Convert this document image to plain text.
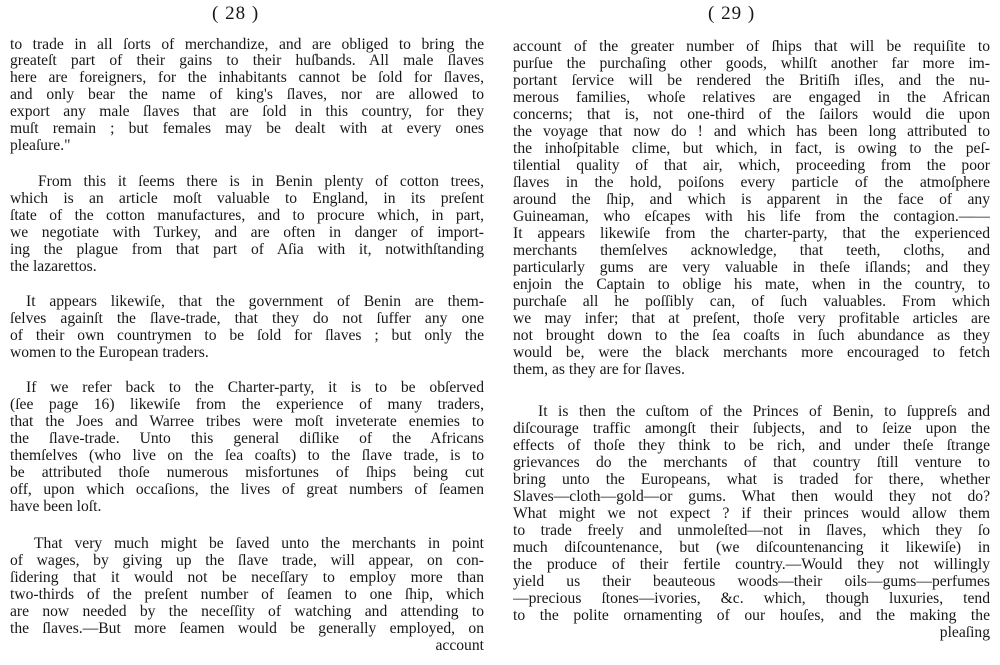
( 28 )

to trade in all ſorts of merchandize, and are obliged to bring the

greateſt part of their gains to their huſbands. All male ſlaves

here are foreigners, for the inhabitants cannot be ſold for ſlaves,

and only bear the name of king's ſlaves, nor are allowed to

export any male ſlaves that are ſold in this country, for they

muſt remain ; but females may be dealt with at every ones

pleaſure."

From this it ſeems there is in Benin plenty of cotton trees,

which is an article moſt valuable to England, in its preſent

ſtate of the cotton manufactures, and to procure which, in part,

we negotiate with Turkey, and are often in danger of import-

ing the plague from that part of Aſia with it, notwithſtanding

the lazarettos.

It appears likewiſe, that the government of Benin are them-

ſelves againſt the ſlave-trade, that they do not ſuffer any one

of their own countrymen to be ſold for ſlaves ; but only the

women to the European traders.

If we refer back to the Charter-party, it is to be obſerved

(ſee page 16) likewiſe from the experience of many traders,

that the Joes and Warree tribes were moſt inveterate enemies to

the ſlave-trade. Unto this general diſlike of the Africans

themſelves (who live on the ſea coaſts) to the ſlave trade, is to

be attributed thoſe numerous misfortunes of ſhips being cut

off, upon which occaſions, the lives of great numbers of ſeamen

have been loſt.

That very much might be ſaved unto the merchants in point

of wages, by giving up the ſlave trade, will appear, on con-

ſidering that it would not be neceſſary to employ more than

two-thirds of the preſent number of ſeamen to one ſhip, which

are now needed by the neceſſity of watching and attending to

the ſlaves.—But more ſeamen would be generally employed, on

account

( 29 )

account of the greater number of ſhips that will be requiſite to

purſue the purchaſing other goods, whilſt another far more im-

portant ſervice will be rendered the Britiſh iſles, and the nu-

merous families, whoſe relatives are engaged in the African

concerns; that is, not one-third of the ſailors would die upon

the voyage that now do ! and which has been long attributed to

the inhoſpitable clime, but which, in fact, is owing to the peſ-

tilential quality of that air, which, proceeding from the poor

ſlaves in the hold, poiſons every particle of the atmoſphere

around the ſhip, and which is apparent in the face of any

Guineaman, who eſcapes with his life from the contagion.——

It appears likewiſe from the charter-party, that the experienced

merchants themſelves acknowledge, that teeth, cloths, and

particularly gums are very valuable in theſe iſlands; and they

enjoin the Captain to oblige his mate, when in the country, to

purchaſe all he poſſibly can, of ſuch valuables. From which

we may infer; that at preſent, thoſe very profitable articles are

not brought down to the ſea coaſts in ſuch abundance as they

would be, were the black merchants more encouraged to fetch

them, as they are for ſlaves.

It is then the cuſtom of the Princes of Benin, to ſuppreſs and

diſcourage traffic amongſt their ſubjects, and to ſeize upon the

effects of thoſe they think to be rich, and under theſe ſtrange

grievances do the merchants of that country ſtill venture to

bring unto the Europeans, what is traded for there, whether

Slaves—cloth—gold—or gums. What then would they not do?

What might we not expect ? if their princes would allow them

to trade freely and unmoleſted—not in ſlaves, which they ſo

much diſcountenance, but (we diſcountenancing it likewiſe) in

the produce of their fertile country.—Would they not willingly

yield us their beauteous woods—their oils—gums—perfumes

—precious ſtones—ivories, &c. which, though luxuries, tend

to the polite ornamenting of our houſes, and the making the

pleaſing
